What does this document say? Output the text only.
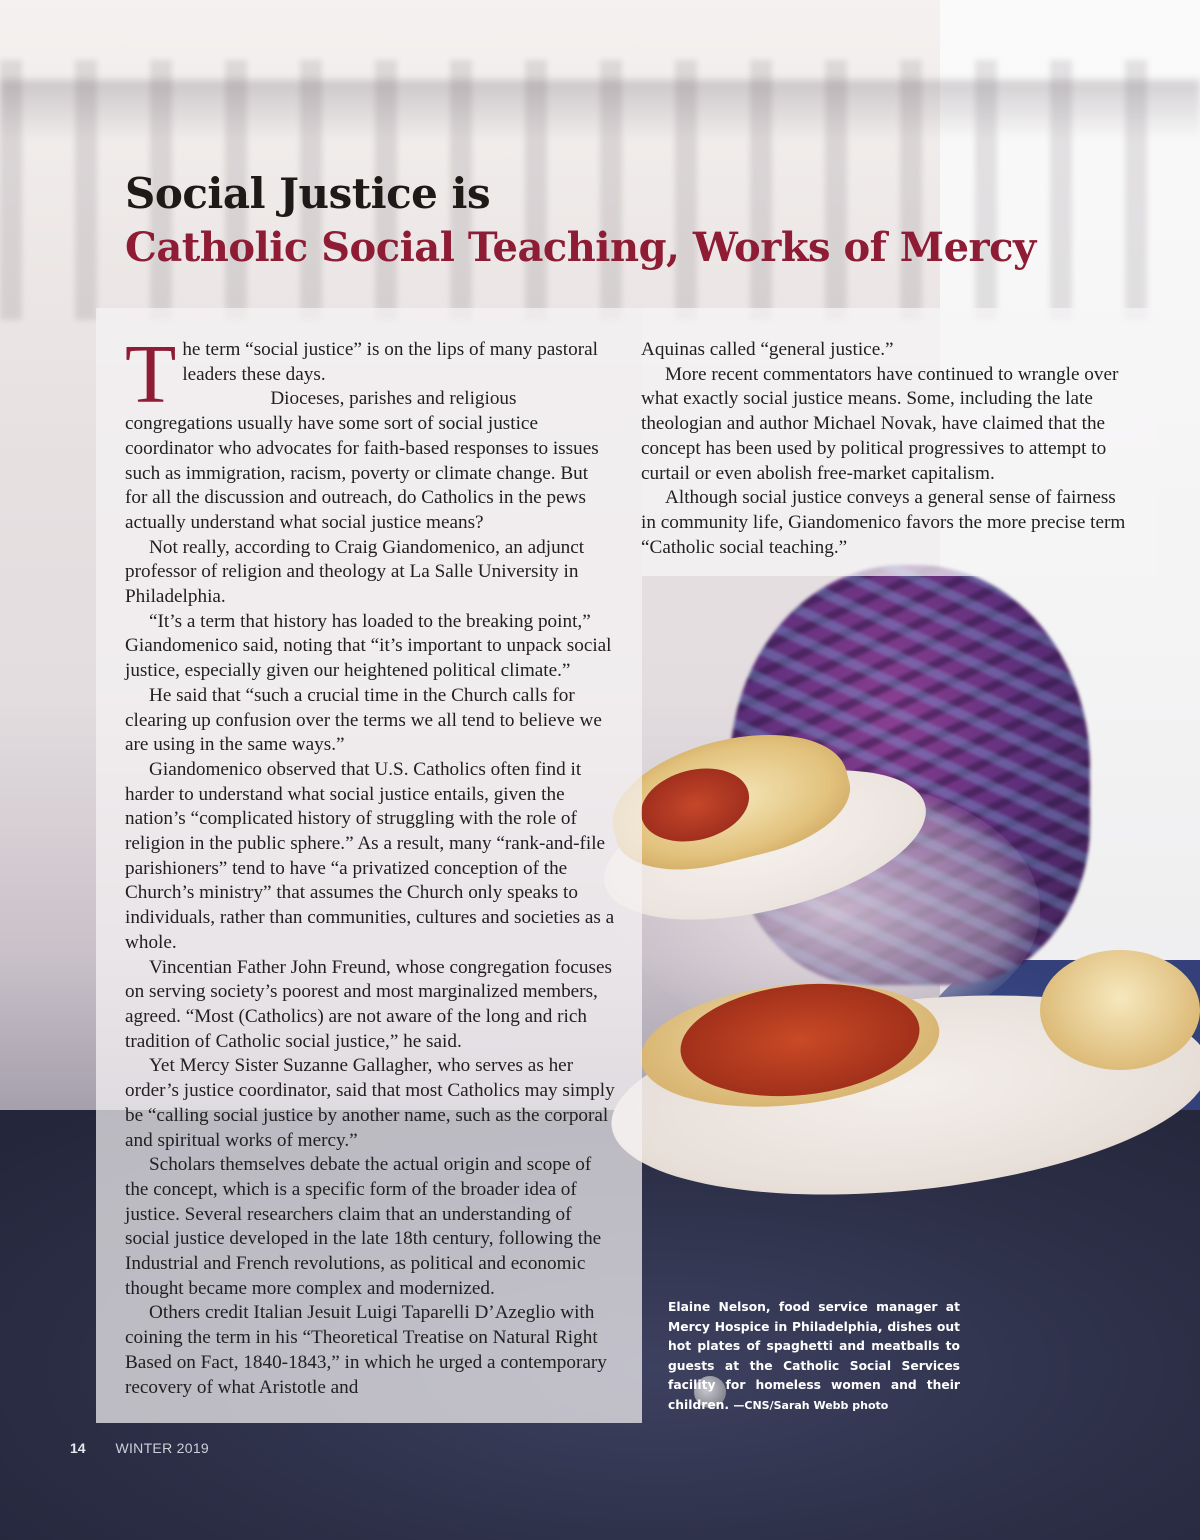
Social Justice is
Catholic Social Teaching, Works of Mercy

T he term “social justice” is on the lips of many pastoral leaders these days.

Dioceses, parishes and religious congregations usually have some sort of social justice coordinator who advocates for faith-based responses to issues such as immigration, racism, poverty or climate change. But for all the discussion and outreach, do Catholics in the pews actually understand what social justice means?

Not really, according to Craig Giandomenico, an adjunct professor of religion and theology at La Salle University in Philadelphia.

“It’s a term that history has loaded to the breaking point,” Giandomenico said, noting that “it’s important to unpack social justice, especially given our heightened political climate.”

He said that “such a crucial time in the Church calls for clearing up confusion over the terms we all tend to believe we are using in the same ways.”

Giandomenico observed that U.S. Catholics often find it harder to understand what social justice entails, given the nation’s “complicated history of struggling with the role of religion in the public sphere.” As a result, many “rank-and-file parishioners” tend to have “a privatized conception of the Church’s ministry” that assumes the Church only speaks to individuals, rather than communities, cultures and societies as a whole.

Vincentian Father John Freund, whose congregation focuses on serving society’s poorest and most marginalized members, agreed. “Most (Catholics) are not aware of the long and rich tradition of Catholic social justice,” he said.

Yet Mercy Sister Suzanne Gallagher, who serves as her order’s justice coordinator, said that most Catholics may simply be “calling social justice by another name, such as the corporal and spiritual works of mercy.”

Scholars themselves debate the actual origin and scope of the concept, which is a specific form of the broader idea of justice. Several researchers claim that an understanding of social justice developed in the late 18th century, following the Industrial and French revolutions, as political and economic thought became more complex and modernized.

Others credit Italian Jesuit Luigi Taparelli D’Azeglio with coining the term in his “Theoretical Treatise on Natural Right Based on Fact, 1840-1843,” in which he urged a contemporary recovery of what Aristotle and

Aquinas called “general justice.”

More recent commentators have continued to wrangle over what exactly social justice means. Some, including the late theologian and author Michael Novak, have claimed that the concept has been used by political progressives to attempt to curtail or even abolish free-market capitalism.

Although social justice conveys a general sense of fairness in community life, Giandomenico favors the more precise term “Catholic social teaching.”

Elaine Nelson, food service manager at Mercy Hospice in Philadelphia, dishes out hot plates of spaghetti and meatballs to guests at the Catholic Social Services facility for homeless women and their children. —CNS/Sarah Webb photo
14 WINTER 2019
